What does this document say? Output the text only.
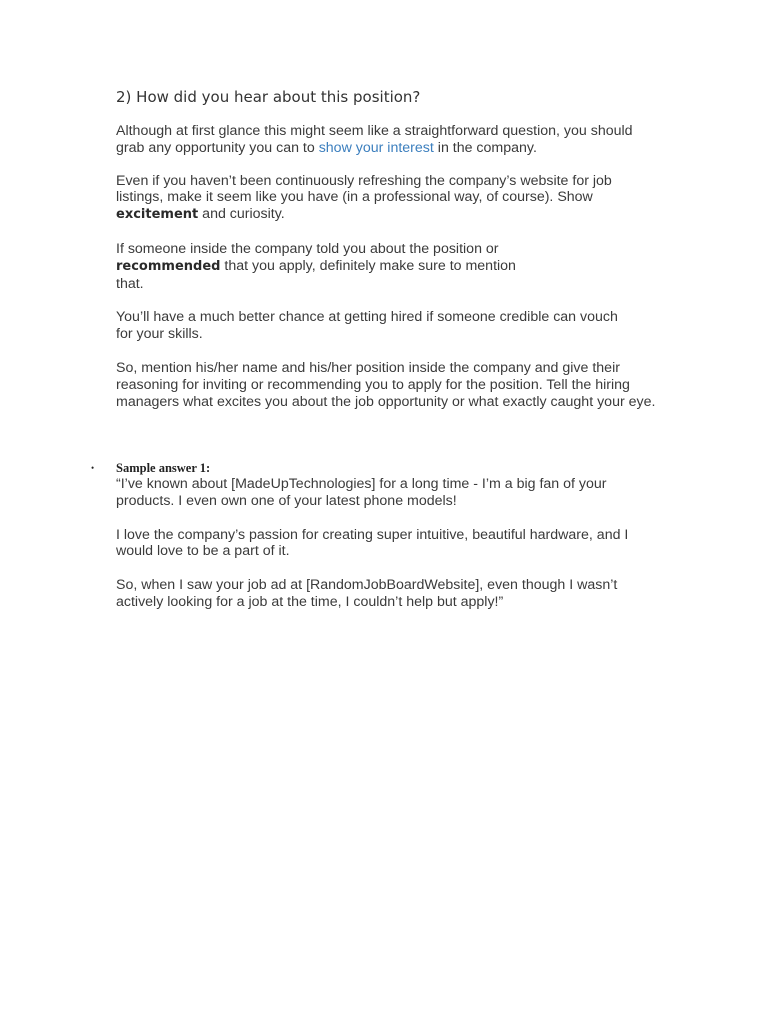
2) How did you hear about this position?

Although at first glance this might seem like a straightforward question, you should grab any opportunity you can to show your interest in the company.

Even if you haven’t been continuously refreshing the company’s website for job listings, make it seem like you have (in a professional way, of course). Show excitement and curiosity.

If someone inside the company told you about the position or recommended that you apply, definitely make sure to mention that.

You’ll have a much better chance at getting hired if someone credible can vouch for your skills.

So, mention his/her name and his/her position inside the company and give their reasoning for inviting or recommending you to apply for the position. Tell the hiring managers what excites you about the job opportunity or what exactly caught your eye.

• Sample answer 1:

“I’ve known about [MadeUpTechnologies] for a long time - I’m a big fan of your products. I even own one of your latest phone models!

I love the company’s passion for creating super intuitive, beautiful hardware, and I would love to be a part of it.

So, when I saw your job ad at [RandomJobBoardWebsite], even though I wasn’t actively looking for a job at the time, I couldn’t help but apply!”
